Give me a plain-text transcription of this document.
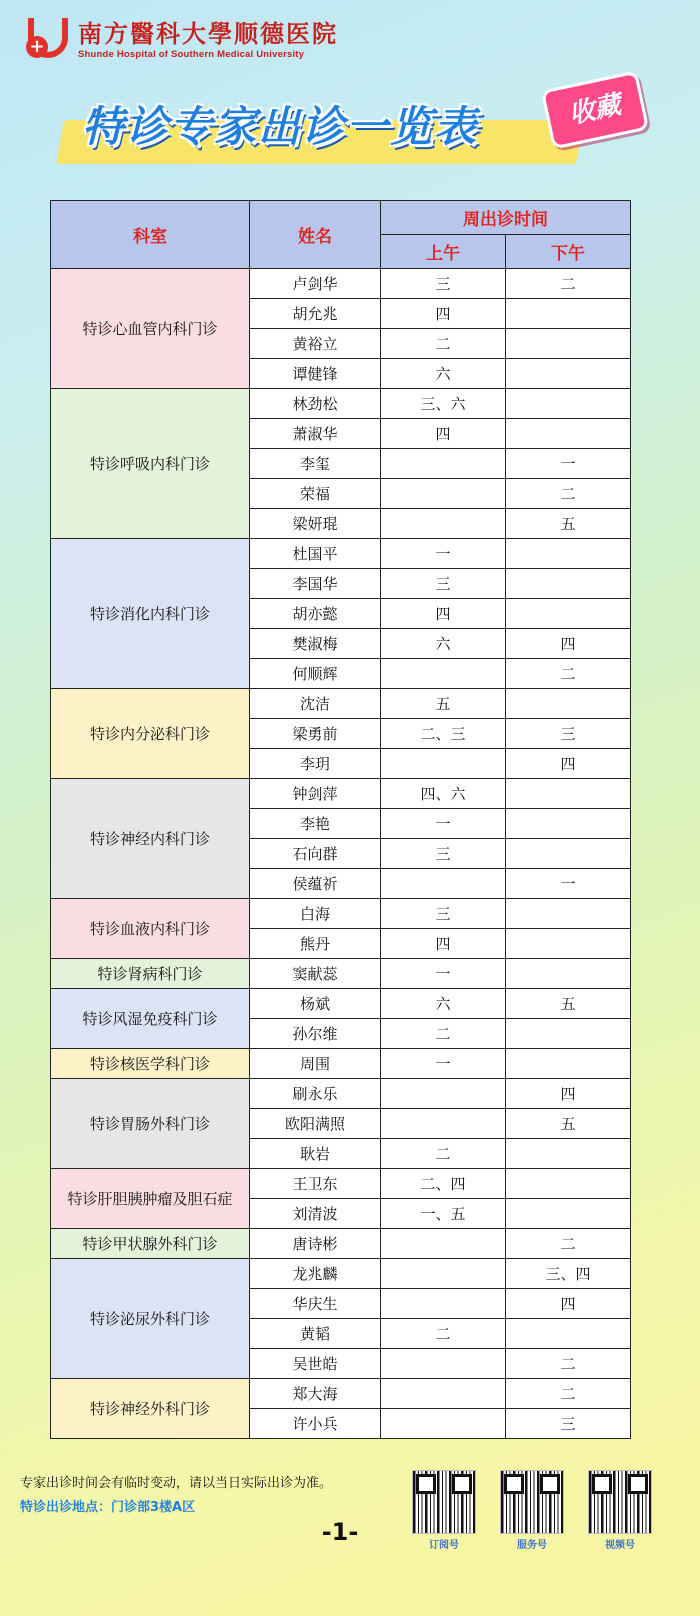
+ 南方醫科大學顺德医院
Shunde Hospital of Southern Medical University
特诊专家出诊一览表	收藏
科室	姓名	周出诊时间	
		上午	下午
特诊心血管内科门诊	卢剑华	三	二
	胡允兆	四	
	黄裕立	二	
	谭健锋	六	
特诊呼吸内科门诊	林劲松	三、六	
	萧淑华	四	
	李玺		一
	荣福		二
	梁妍琨		五
特诊消化内科门诊	杜国平	一	
	李国华	三	
	胡亦懿	四	
	樊淑梅	六	四
	何顺辉		二
特诊内分泌科门诊	沈洁	五	
	梁勇前	二、三	三
	李玥		四
特诊神经内科门诊	钟剑萍	四、六	
	李艳	一	
	石向群	三	
	侯蕴祈		一
特诊血液内科门诊	白海	三	
	熊丹	四	
特诊肾病科门诊	窦献蕊	一	
特诊风湿免疫科门诊	杨斌	六	五
	孙尔维	二	
特诊核医学科门诊	周围	一	
特诊胃肠外科门诊	刷永乐		四
	欧阳满照		五
	耿岩	二	
特诊肝胆胰肿瘤及胆石症	王卫东	二、四	
	刘清波	一、五	
特诊甲状腺外科门诊	唐诗彬		二
特诊泌尿外科门诊	龙兆麟		三、四
	华庆生		四
	黄韬	二	
	吴世皓		二
特诊神经外科门诊	郑大海		二
	许小兵		三
专家出诊时间会有临时变动，请以当日实际出诊为准。
特诊出诊地点：门诊部3楼A区
-1-	订阅号	服务号	视频号
